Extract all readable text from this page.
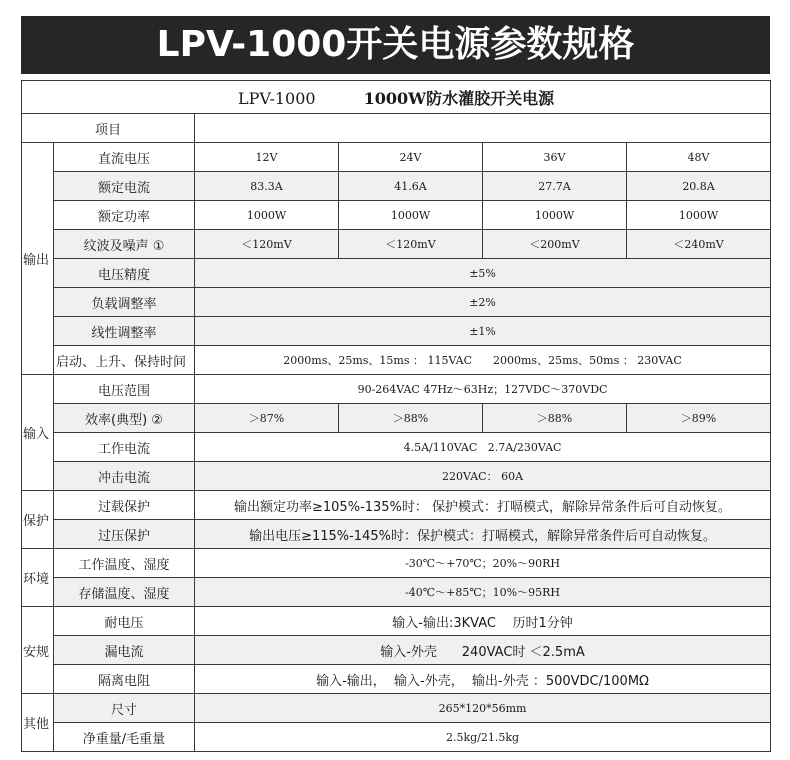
LPV-1000开关电源参数规格
LPV-1000 1000W防水灌胶开关电源					
项目					
输出	直流电压	12V	24V	36V	48V
	额定电流	83.3A	41.6A	27.7A	20.8A
	额定功率	1000W	1000W	1000W	1000W
	纹波及噪声 ①	＜120mV	＜120mV	＜200mV	＜240mV
	电压精度	±5%			
	负载调整率	±2%			
	线性调整率	±1%			
	启动、上升、保持时间	2000ms、25ms、15ms ： 115VAC      2000ms、25ms、50ms ： 230VAC			
输入	电压范围	90-264VAC 47Hz～63Hz；127VDC～370VDC			
	效率(典型) ②	＞87%	＞88%	＞88%	＞89%
	工作电流	4.5A/110VAC   2.7A/230VAC			
	冲击电流	220VAC： 60A			
保护	过载保护	输出额定功率≥105%-135%时： 保护模式：打嗝模式，解除异常条件后可自动恢复。			
	过压保护	输出电压≥115%-145%时：保护模式：打嗝模式，解除异常条件后可自动恢复。			
环境	工作温度、湿度	-30℃～+70℃；20%～90RH			
	存储温度、湿度	-40℃～+85℃；10%～95RH			
安规	耐电压	输入-输出:3KVAC    历时1分钟			
	漏电流	输入-外壳      240VAC时 ＜2.5mA			
	隔离电阻	输入-输出，  输入-外壳，  输出-外壳 ：500VDC/100MΩ			
其他	尺寸	265*120*56mm			
	净重量/毛重量	2.5kg/21.5kg			
